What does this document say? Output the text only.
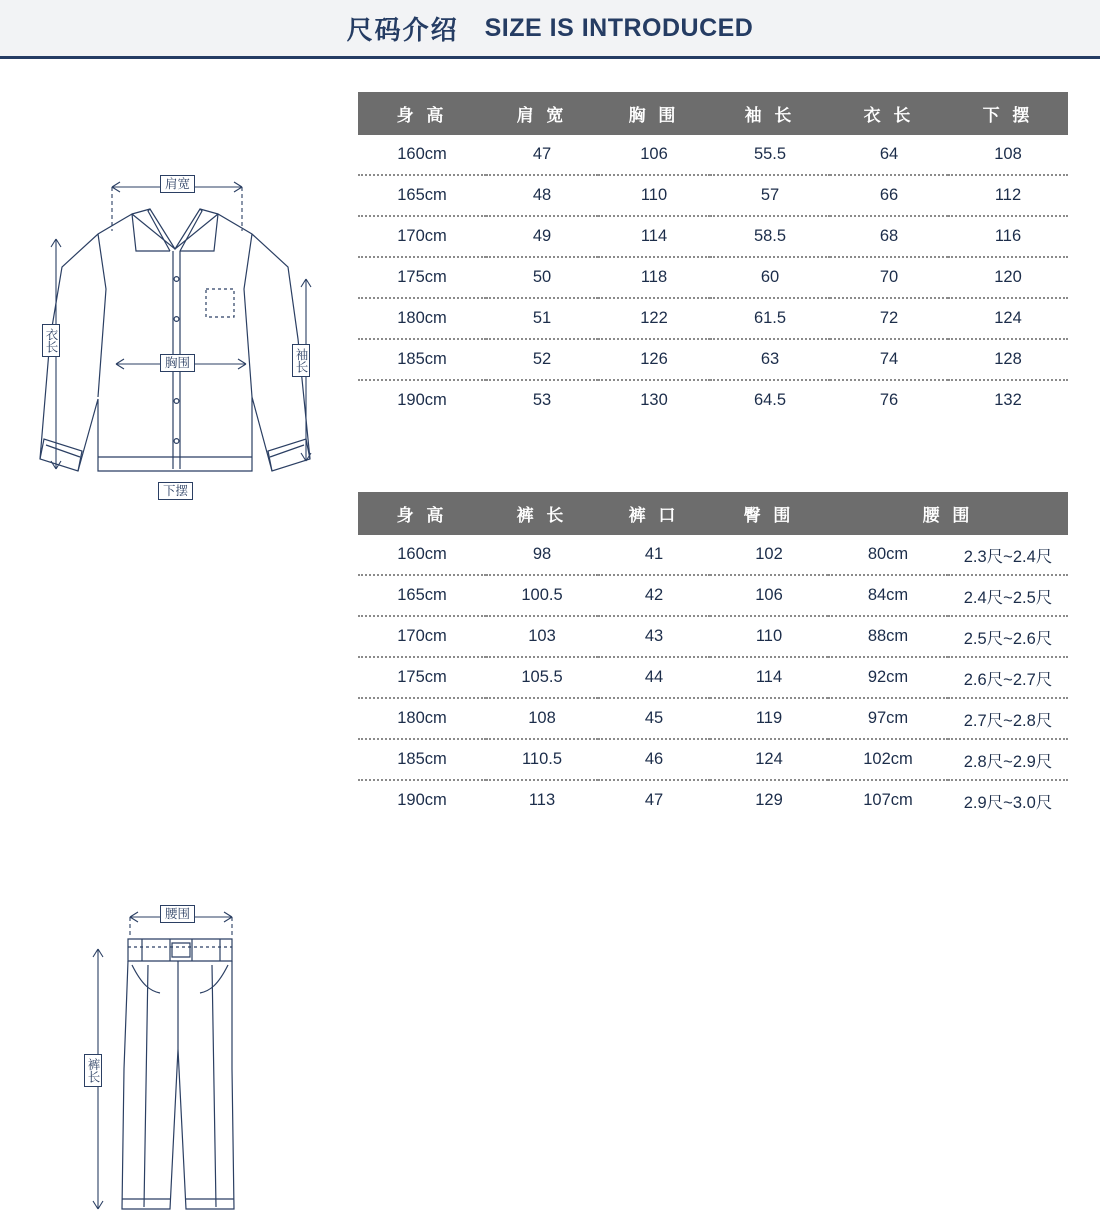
尺码介绍 SIZE IS INTRODUCED
肩宽
胸围
下摆
衣长
袖长
身 高	肩 宽	胸 围	袖 长	衣 长	下 摆
160cm	47	106	55.5	64	108
165cm	48	110	57	66	112
170cm	49	114	58.5	68	116
175cm	50	118	60	70	120
180cm	51	122	61.5	72	124
185cm	52	126	63	74	128
190cm	53	130	64.5	76	132
腰围
裤长
身 高	裤 长	裤 口	臀 围	腰 围	
160cm	98	41	102	80cm	2.3尺~2.4尺
165cm	100.5	42	106	84cm	2.4尺~2.5尺
170cm	103	43	110	88cm	2.5尺~2.6尺
175cm	105.5	44	114	92cm	2.6尺~2.7尺
180cm	108	45	119	97cm	2.7尺~2.8尺
185cm	110.5	46	124	102cm	2.8尺~2.9尺
190cm	113	47	129	107cm	2.9尺~3.0尺
